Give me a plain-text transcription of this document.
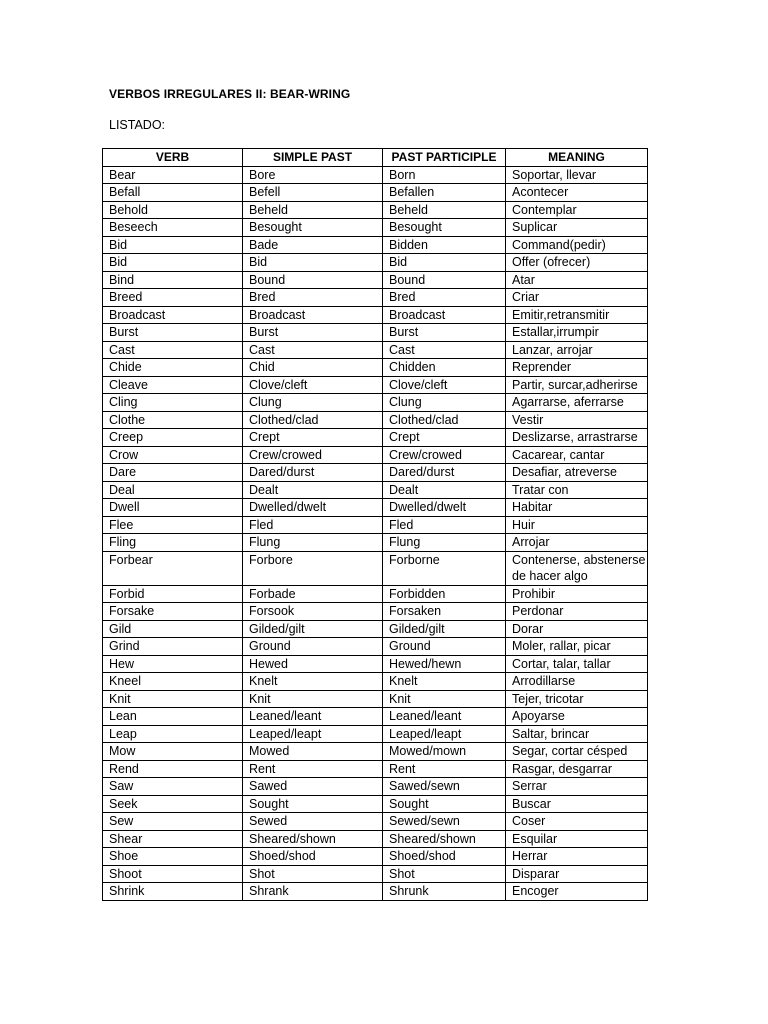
VERBOS IRREGULARES II: BEAR-WRING
LISTADO:
VERB	SIMPLE PAST	PAST PARTICIPLE	MEANING
Bear	Bore	Born	Soportar, llevar
Befall	Befell	Befallen	Acontecer
Behold	Beheld	Beheld	Contemplar
Beseech	Besought	Besought	Suplicar
Bid	Bade	Bidden	Command(pedir)
Bid	Bid	Bid	Offer (ofrecer)
Bind	Bound	Bound	Atar
Breed	Bred	Bred	Criar
Broadcast	Broadcast	Broadcast	Emitir,retransmitir
Burst	Burst	Burst	Estallar,irrumpir
Cast	Cast	Cast	Lanzar, arrojar
Chide	Chid	Chidden	Reprender
Cleave	Clove/cleft	Clove/cleft	Partir, surcar,adherirse
Cling	Clung	Clung	Agarrarse, aferrarse
Clothe	Clothed/clad	Clothed/clad	Vestir
Creep	Crept	Crept	Deslizarse, arrastrarse
Crow	Crew/crowed	Crew/crowed	Cacarear, cantar
Dare	Dared/durst	Dared/durst	Desafiar, atreverse
Deal	Dealt	Dealt	Tratar con
Dwell	Dwelled/dwelt	Dwelled/dwelt	Habitar
Flee	Fled	Fled	Huir
Fling	Flung	Flung	Arrojar
Forbear	Forbore	Forborne	Contenerse, abstenerse de hacer algo
Forbid	Forbade	Forbidden	Prohibir
Forsake	Forsook	Forsaken	Perdonar
Gild	Gilded/gilt	Gilded/gilt	Dorar
Grind	Ground	Ground	Moler, rallar, picar
Hew	Hewed	Hewed/hewn	Cortar, talar, tallar
Kneel	Knelt	Knelt	Arrodillarse
Knit	Knit	Knit	Tejer, tricotar
Lean	Leaned/leant	Leaned/leant	Apoyarse
Leap	Leaped/leapt	Leaped/leapt	Saltar, brincar
Mow	Mowed	Mowed/mown	Segar, cortar césped
Rend	Rent	Rent	Rasgar, desgarrar
Saw	Sawed	Sawed/sewn	Serrar
Seek	Sought	Sought	Buscar
Sew	Sewed	Sewed/sewn	Coser
Shear	Sheared/shown	Sheared/shown	Esquilar
Shoe	Shoed/shod	Shoed/shod	Herrar
Shoot	Shot	Shot	Disparar
Shrink	Shrank	Shrunk	Encoger
